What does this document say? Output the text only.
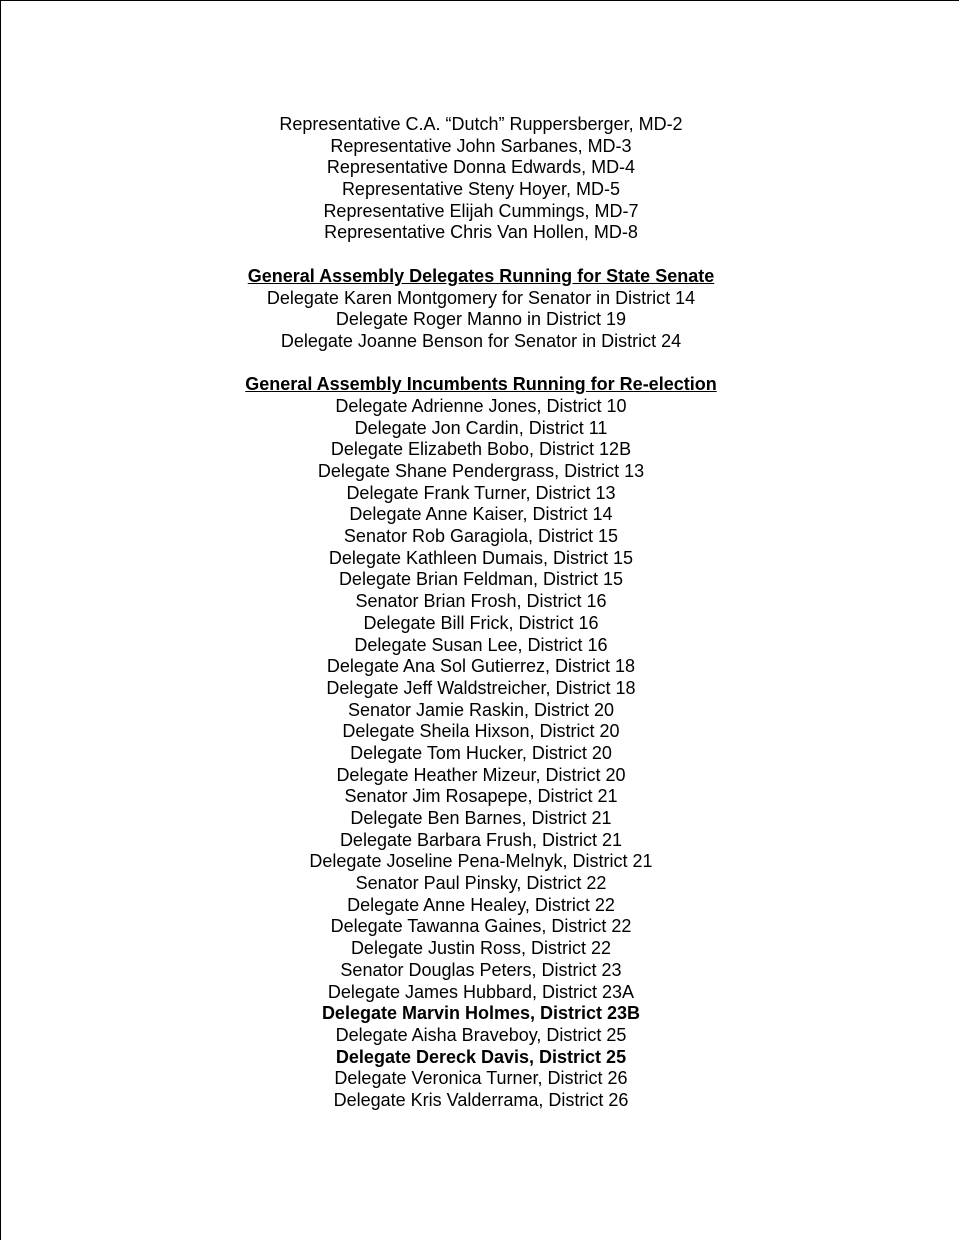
Representative C.A. “Dutch” Ruppersberger, MD-2
Representative John Sarbanes, MD-3
Representative Donna Edwards, MD-4
Representative Steny Hoyer, MD-5
Representative Elijah Cummings, MD-7
Representative Chris Van Hollen, MD-8
General Assembly Delegates Running for State Senate
Delegate Karen Montgomery for Senator in District 14
Delegate Roger Manno in District 19
Delegate Joanne Benson for Senator in District 24
General Assembly Incumbents Running for Re-election
Delegate Adrienne Jones, District 10
Delegate Jon Cardin, District 11
Delegate Elizabeth Bobo, District 12B
Delegate Shane Pendergrass, District 13
Delegate Frank Turner, District 13
Delegate Anne Kaiser, District 14
Senator Rob Garagiola, District 15
Delegate Kathleen Dumais, District 15
Delegate Brian Feldman, District 15
Senator Brian Frosh, District 16
Delegate Bill Frick, District 16
Delegate Susan Lee, District 16
Delegate Ana Sol Gutierrez, District 18
Delegate Jeff Waldstreicher, District 18
Senator Jamie Raskin, District 20
Delegate Sheila Hixson, District 20
Delegate Tom Hucker, District 20
Delegate Heather Mizeur, District 20
Senator Jim Rosapepe, District 21
Delegate Ben Barnes, District 21
Delegate Barbara Frush, District 21
Delegate Joseline Pena-Melnyk, District 21
Senator Paul Pinsky, District 22
Delegate Anne Healey, District 22
Delegate Tawanna Gaines, District 22
Delegate Justin Ross, District 22
Senator Douglas Peters, District 23
Delegate James Hubbard, District 23A
Delegate Marvin Holmes, District 23B
Delegate Aisha Braveboy, District 25
Delegate Dereck Davis, District 25
Delegate Veronica Turner, District 26
Delegate Kris Valderrama, District 26
